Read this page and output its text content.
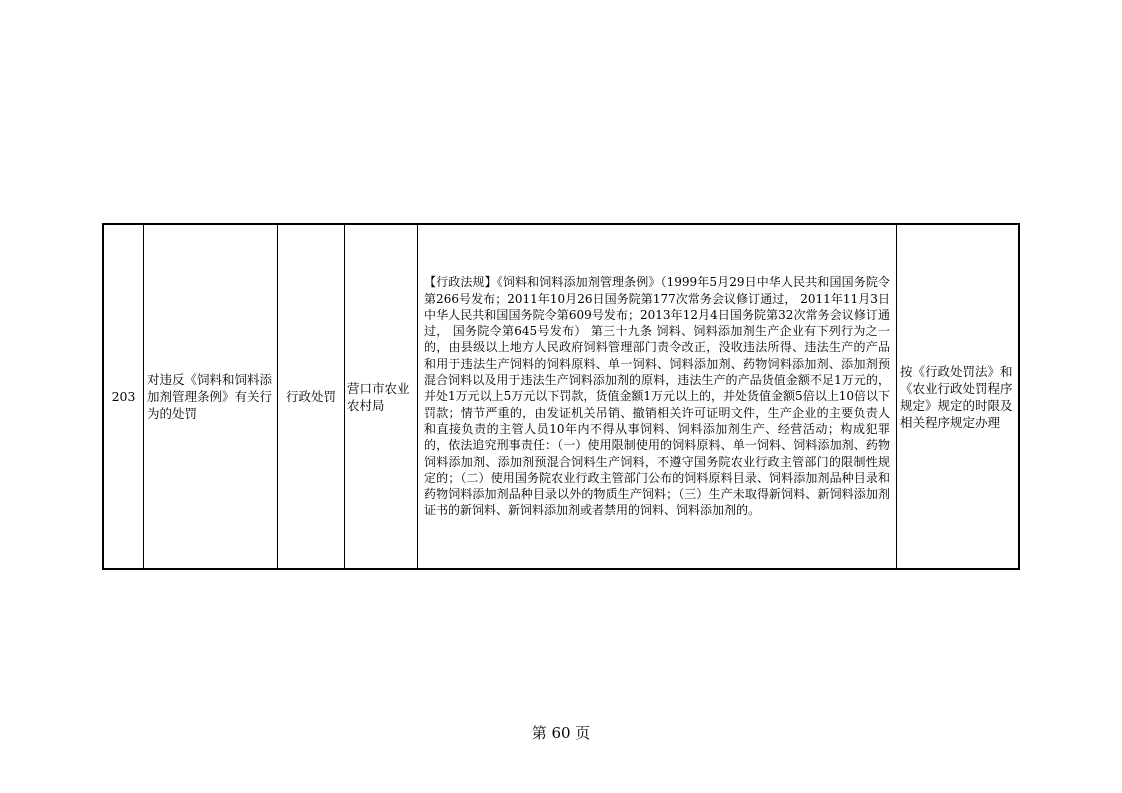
203
对违反《饲料和饲料添加剂管理条例》有关行为的处罚
行政处罚
营口市农业农村局
【行政法规】《饲料和饲料添加剂管理条例》（1999年5月29日中华人民共和国国务院令第266号发布；2011年10月26日国务院第177次常务会议修订通过， 2011年11月3日中华人民共和国国务院令第609号发布；2013年12月4日国务院第32次常务会议修订通过， 国务院令第645号发布） 第三十九条 饲料、饲料添加剂生产企业有下列行为之一的，由县级以上地方人民政府饲料管理部门责令改正，没收违法所得、违法生产的产品和用于违法生产饲料的饲料原料、单一饲料、饲料添加剂、药物饲料添加剂、添加剂预混合饲料以及用于违法生产饲料添加剂的原料，违法生产的产品货值金额不足1万元的，并处1万元以上5万元以下罚款，货值金额1万元以上的，并处货值金额5倍以上10倍以下罚款；情节严重的，由发证机关吊销、撤销相关许可证明文件，生产企业的主要负责人和直接负责的主管人员10年内不得从事饲料、饲料添加剂生产、经营活动；构成犯罪的，依法追究刑事责任：（一）使用限制使用的饲料原料、单一饲料、饲料添加剂、药物饲料添加剂、添加剂预混合饲料生产饲料，不遵守国务院农业行政主管部门的限制性规定的；（二）使用国务院农业行政主管部门公布的饲料原料目录、饲料添加剂品种目录和药物饲料添加剂品种目录以外的物质生产饲料；（三）生产未取得新饲料、新饲料添加剂证书的新饲料、新饲料添加剂或者禁用的饲料、饲料添加剂的。
按《行政处罚法》和《农业行政处罚程序规定》规定的时限及相关程序规定办理
第 60 页
